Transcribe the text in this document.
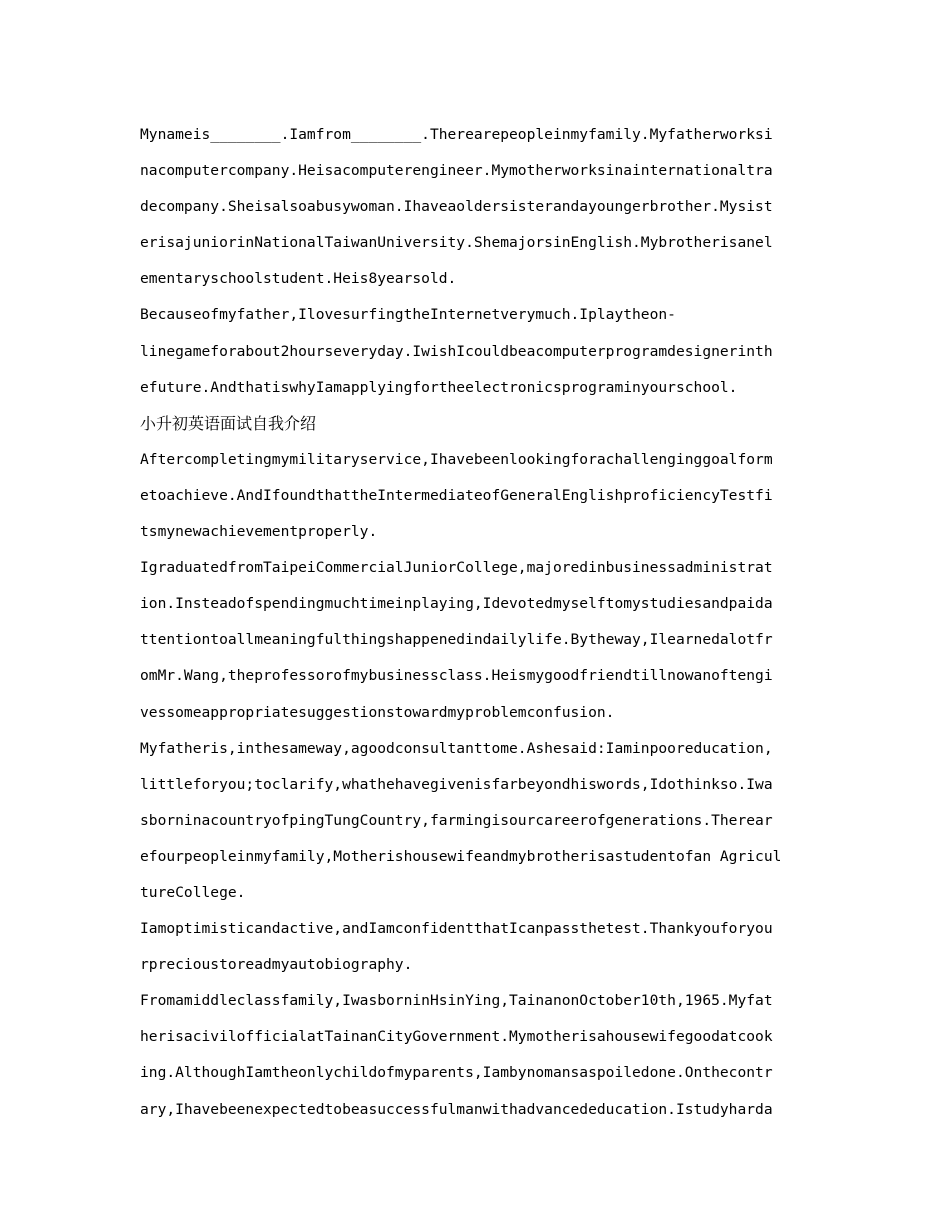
Mynameis________.Iamfrom________.Therearepeopleinmyfamily.Myfatherworksi
nacomputercompany.Heisacomputerengineer.Mymotherworksinainternationaltra
decompany.Sheisalsoabusywoman.Ihaveaoldersisterandayoungerbrother.Mysist
erisajuniorinNationalTaiwanUniversity.ShemajorsinEnglish.Mybrotherisanel
ementaryschoolstudent.Heis8yearsold.
Becauseofmyfather,IlovesurfingtheInternetverymuch.Iplaytheon-
linegameforabout2hourseveryday.IwishIcouldbeacomputerprogramdesignerinth
efuture.AndthatiswhyIamapplyingfortheelectronicsprograminyourschool.
小升初英语面试自我介绍
Aftercompletingmymilitaryservice,Ihavebeenlookingforachallenginggoalform
etoachieve.AndIfoundthattheIntermediateofGeneralEnglishproficiencyTestfi
tsmynewachievementproperly.
IgraduatedfromTaipeiCommercialJuniorCollege,majoredinbusinessadministrat
ion.Insteadofspendingmuchtimeinplaying,Idevotedmyselftomystudiesandpaida
ttentiontoallmeaningfulthingshappenedindailylife.Bytheway,Ilearnedalotfr
omMr.Wang,theprofessorofmybusinessclass.Heismygoodfriendtillnowanoftengi
vessomeappropriatesuggestionstowardmyproblemconfusion.
Myfatheris,inthesameway,agoodconsultanttome.Ashesaid:Iaminpooreducation,
littleforyou;toclarify,whathehavegivenisfarbeyondhiswords,Idothinkso.Iwa
sborninacountryofpingTungCountry,farmingisourcareerofgenerations.Therear
efourpeopleinmyfamily,Motherishousewifeandmybrotherisastudentofan Agricul
tureCollege.
Iamoptimisticandactive,andIamconfidentthatIcanpassthetest.Thankyouforyou
rprecioustoreadmyautobiography.
Fromamiddleclassfamily,IwasborninHsinYing,TainanonOctober10th,1965.Myfat
herisacivilofficialatTainanCityGovernment.Mymotherisahousewifegoodatcook
ing.AlthoughIamtheonlychildofmyparents,Iambynomansaspoiledone.Onthecontr
ary,Ihavebeenexpectedtobeasuccessfulmanwithadvancededucation.Istudyharda
